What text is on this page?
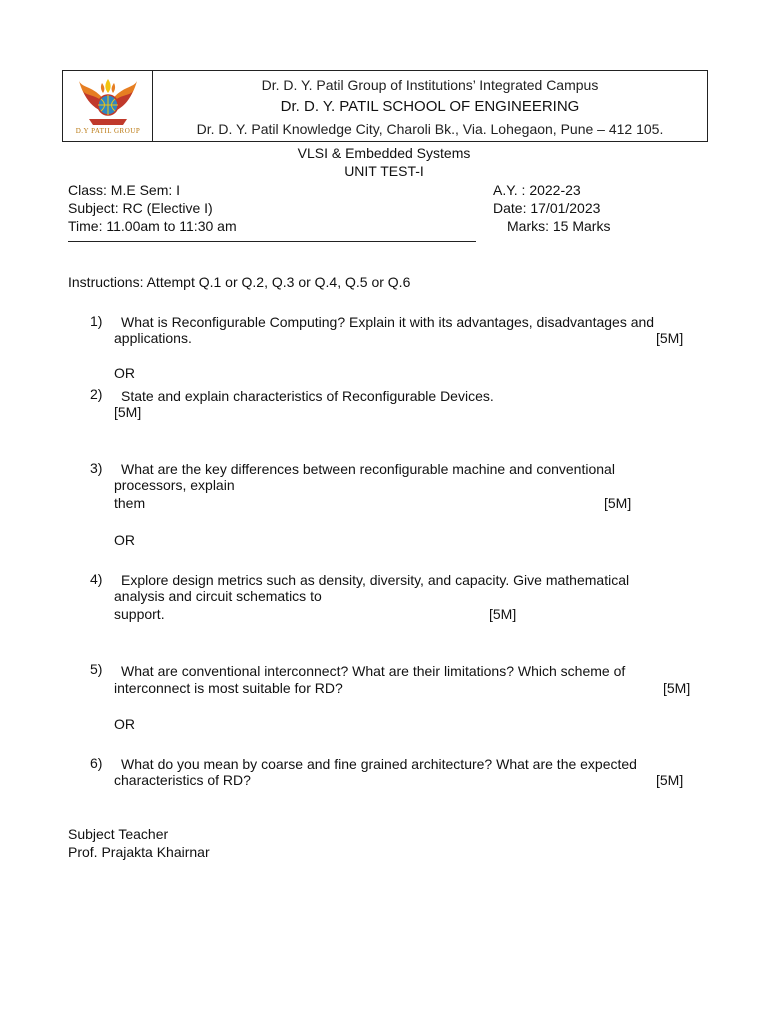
D.Y PATIL GROUP
Dr. D. Y. Patil Group of Institutions’ Integrated Campus
Dr. D. Y. PATIL SCHOOL OF ENGINEERING
Dr. D. Y. Patil Knowledge City, Charoli Bk., Via. Lohegaon, Pune – 412 105.
VLSI & Embedded Systems
UNIT TEST-I
Class: M.E Sem: I	A.Y. : 2022-23
Subject: RC (Elective I)	Date: 17/01/2023
Time: 11.00am to 11:30 am	Marks: 15 Marks
Instructions: Attempt Q.1 or Q.2, Q.3 or Q.4, Q.5 or Q.6
1) What is Reconfigurable Computing? Explain it with its advantages, disadvantages and
applications.	[5M]
OR
2) State and explain characteristics of Reconfigurable Devices.
[5M]
3) What are the key differences between reconfigurable machine and conventional
processors, explain
them	[5M]
OR
4) Explore design metrics such as density, diversity, and capacity. Give mathematical
analysis and circuit schematics to
support.	[5M]
5) What are conventional interconnect? What are their limitations? Which scheme of
interconnect is most suitable for RD?	[5M]
OR
6) What do you mean by coarse and fine grained architecture? What are the expected
characteristics of RD?	[5M]
Subject Teacher
Prof. Prajakta Khairnar
